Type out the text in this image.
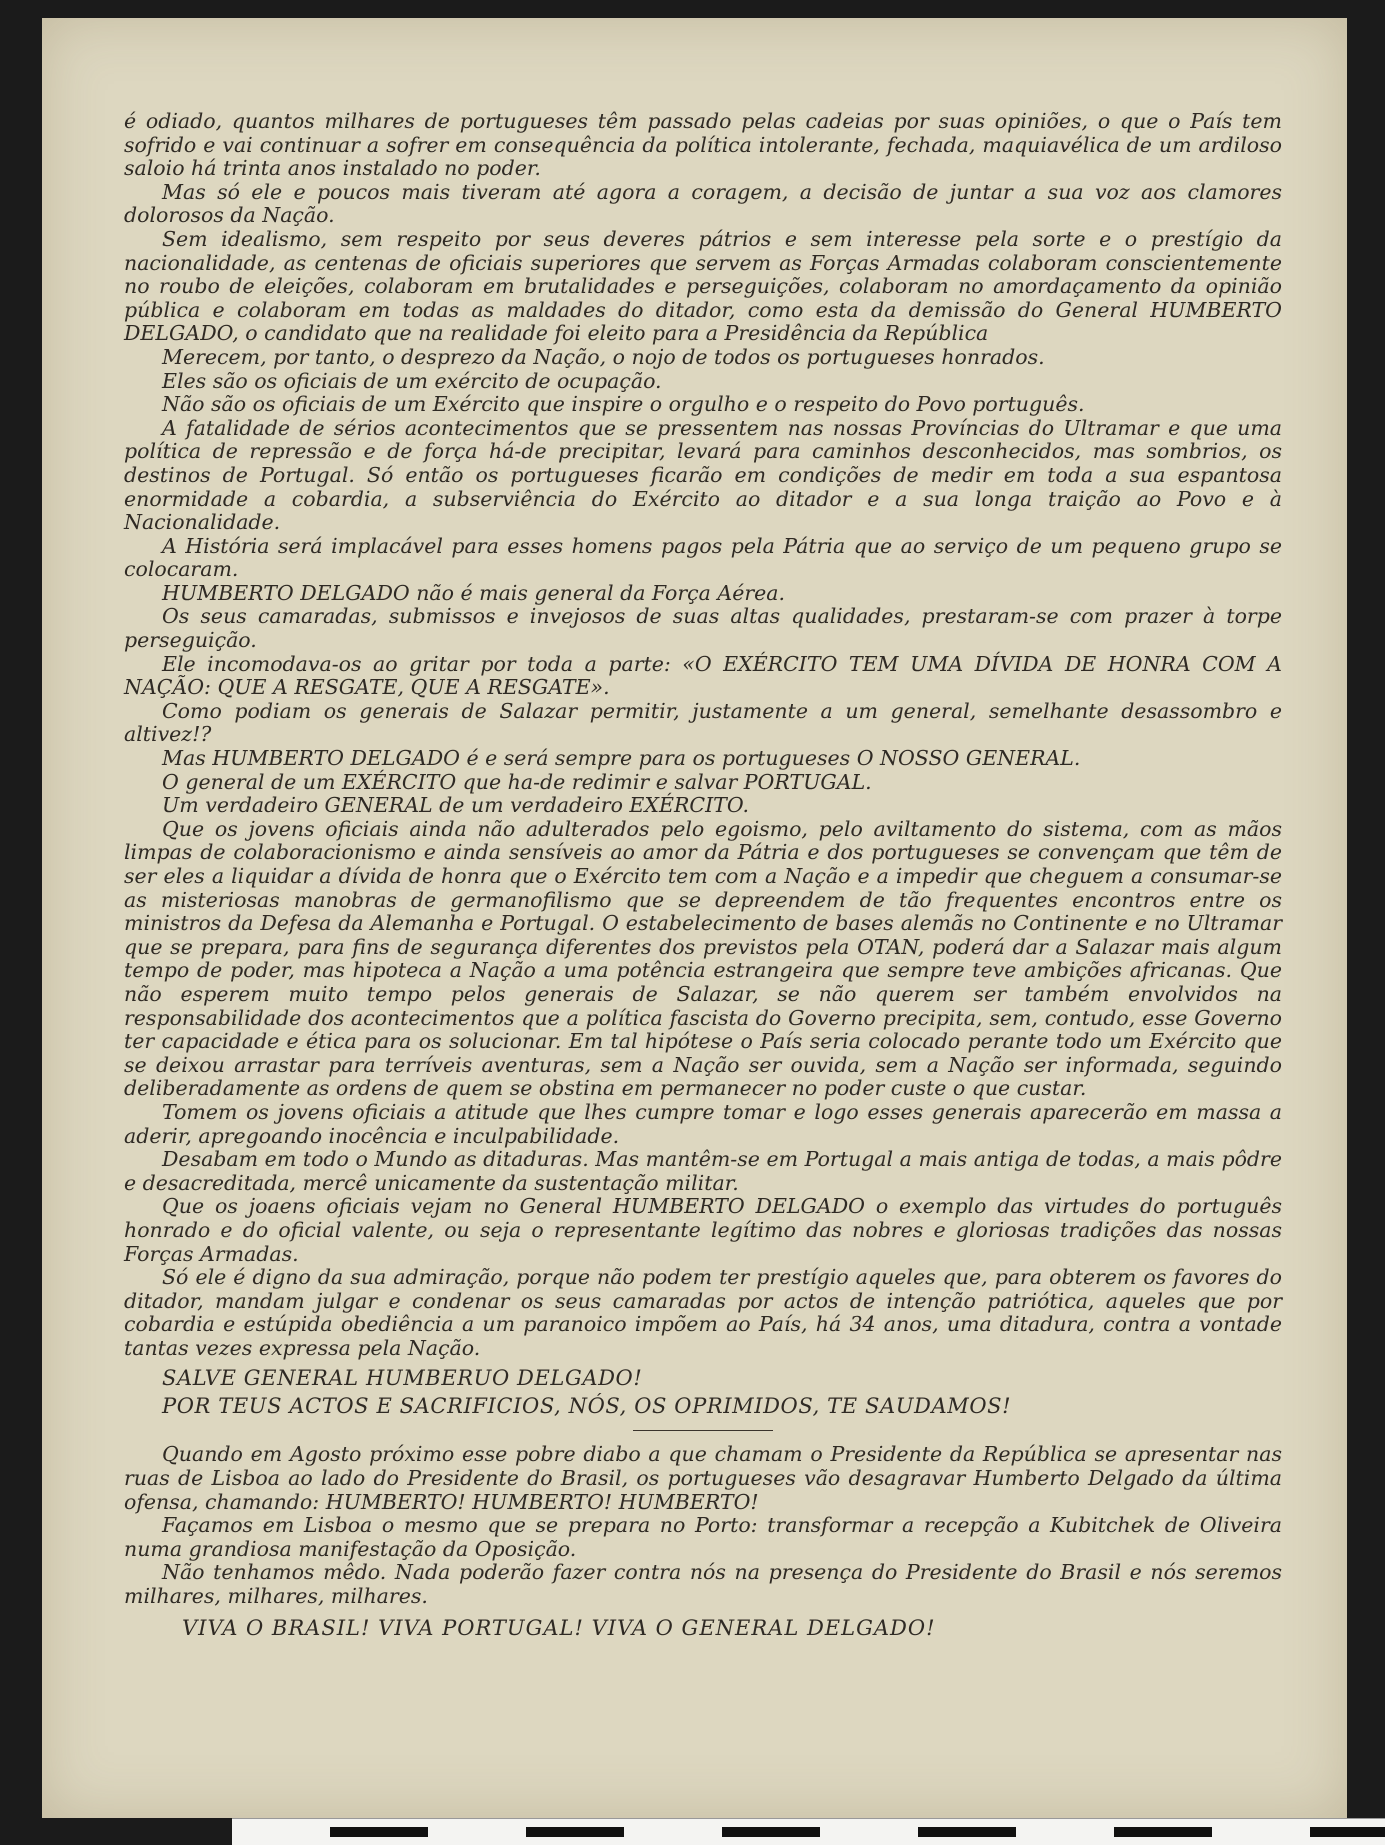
é odiado, quantos milhares de portugueses têm passado pelas cadeias por suas opiniões, o que o País tem sofrido e vai continuar a sofrer em consequência da política intolerante, fechada, maquiavélica de um ardiloso saloio há trinta anos instalado no poder.

Mas só ele e poucos mais tiveram até agora a coragem, a decisão de juntar a sua voz aos clamores dolorosos da Nação.

Sem idealismo, sem respeito por seus deveres pátrios e sem interesse pela sorte e o prestígio da nacionalidade, as centenas de oficiais superiores que servem as Forças Armadas colaboram conscientemente no roubo de eleições, colaboram em brutalidades e perseguições, colaboram no amordaçamento da opinião pública e colaboram em todas as maldades do ditador, como esta da demissão do General HUMBERTO DELGADO, o candidato que na realidade foi eleito para a Presidência da República

Merecem, por tanto, o desprezo da Nação, o nojo de todos os portugueses honrados.

Eles são os oficiais de um exército de ocupação.

Não são os oficiais de um Exército que inspire o orgulho e o respeito do Povo português.

A fatalidade de sérios acontecimentos que se pressentem nas nossas Províncias do Ultramar e que uma política de repressão e de força há-de precipitar, levará para caminhos desconhecidos, mas sombrios, os destinos de Portugal. Só então os portugueses ficarão em condições de medir em toda a sua espantosa enormidade a cobardia, a subserviência do Exército ao ditador e a sua longa traição ao Povo e à Nacionalidade.

A História será implacável para esses homens pagos pela Pátria que ao serviço de um pequeno grupo se colocaram.

HUMBERTO DELGADO não é mais general da Força Aérea.

Os seus camaradas, submissos e invejosos de suas altas qualidades, prestaram-se com prazer à torpe perseguição.

Ele incomodava-os ao gritar por toda a parte: «O EXÉRCITO TEM UMA DÍVIDA DE HONRA COM A NAÇÃO: QUE A RESGATE, QUE A RESGATE».

Como podiam os generais de Salazar permitir, justamente a um general, semelhante desassombro e altivez!?

Mas HUMBERTO DELGADO é e será sempre para os portugueses O NOSSO GENERAL.

O general de um EXÉRCITO que ha-de redimir e salvar PORTUGAL.

Um verdadeiro GENERAL de um verdadeiro EXÉRCITO.

Que os jovens oficiais ainda não adulterados pelo egoismo, pelo aviltamento do sistema, com as mãos limpas de colaboracionismo e ainda sensíveis ao amor da Pátria e dos portugueses se convençam que têm de ser eles a liquidar a dívida de honra que o Exército tem com a Nação e a impedir que cheguem a consumar-se as misteriosas manobras de germanofilismo que se depreendem de tão frequentes encontros entre os ministros da Defesa da Alemanha e Portugal. O estabelecimento de bases alemãs no Continente e no Ultramar que se prepara, para fins de segurança diferentes dos previstos pela OTAN, poderá dar a Salazar mais algum tempo de poder, mas hipoteca a Nação a uma potência estrangeira que sempre teve ambições africanas. Que não esperem muito tempo pelos generais de Salazar, se não querem ser também envolvidos na responsabilidade dos acontecimentos que a política fascista do Governo precipita, sem, contudo, esse Governo ter capacidade e ética para os solucionar. Em tal hipótese o País seria colocado perante todo um Exército que se deixou arrastar para terríveis aventuras, sem a Nação ser ouvida, sem a Nação ser informada, seguindo deliberadamente as ordens de quem se obstina em permanecer no poder custe o que custar.

Tomem os jovens oficiais a atitude que lhes cumpre tomar e logo esses generais aparecerão em massa a aderir, apregoando inocência e inculpabilidade.

Desabam em todo o Mundo as ditaduras. Mas mantêm-se em Portugal a mais antiga de todas, a mais pôdre e desacreditada, mercê unicamente da sustentação militar.

Que os joaens oficiais vejam no General HUMBERTO DELGADO o exemplo das virtudes do português honrado e do oficial valente, ou seja o representante legítimo das nobres e gloriosas tradições das nossas Forças Armadas.

Só ele é digno da sua admiração, porque não podem ter prestígio aqueles que, para obterem os favores do ditador, mandam julgar e condenar os seus camaradas por actos de intenção patriótica, aqueles que por cobardia e estúpida obediência a um paranoico impõem ao País, há 34 anos, uma ditadura, contra a vontade tantas vezes expressa pela Nação.

SALVE GENERAL HUMBERUO DELGADO!
POR TEUS ACTOS E SACRIFICIOS, NÓS, OS OPRIMIDOS, TE SAUDAMOS!

Quando em Agosto próximo esse pobre diabo a que chamam o Presidente da República se apresentar nas ruas de Lisboa ao lado do Presidente do Brasil, os portugueses vão desagravar Humberto Delgado da última ofensa, chamando: HUMBERTO! HUMBERTO! HUMBERTO!

Façamos em Lisboa o mesmo que se prepara no Porto: transformar a recepção a Kubitchek de Oliveira numa grandiosa manifestação da Oposição.

Não tenhamos mêdo. Nada poderão fazer contra nós na presença do Presidente do Brasil e nós seremos milhares, milhares, milhares.

VIVA O BRASIL! VIVA PORTUGAL! VIVA O GENERAL DELGADO!
